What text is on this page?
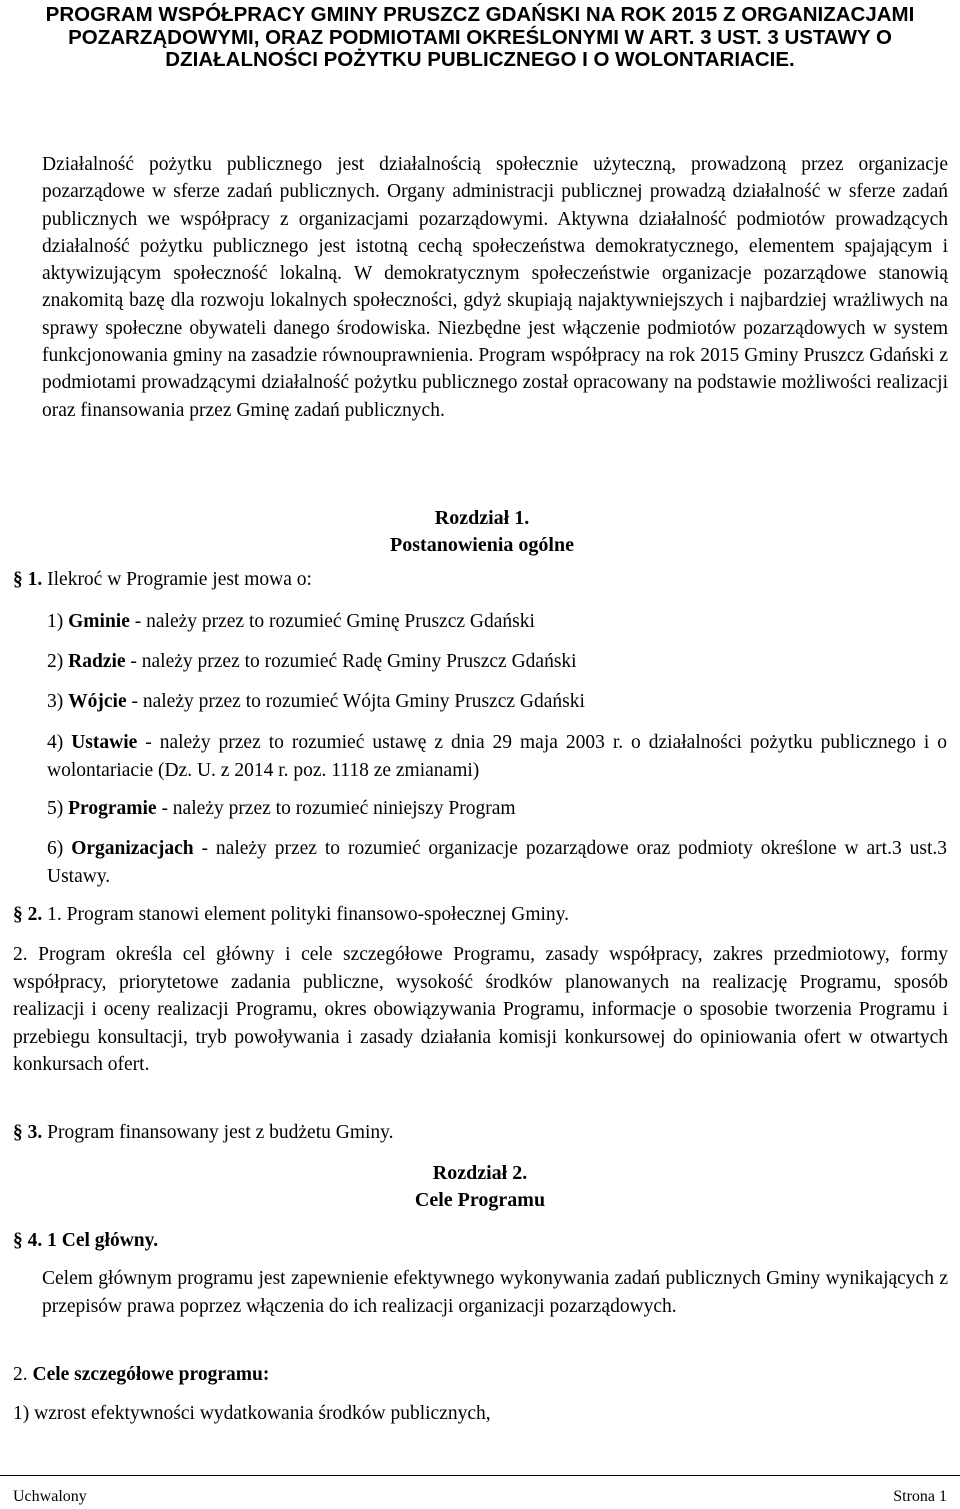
PROGRAM WSPÓŁPRACY GMINY PRUSZCZ GDAŃSKI NA ROK 2015 Z ORGANIZACJAMI POZARZĄDOWYMI, ORAZ PODMIOTAMI OKREŚLONYMI W ART. 3 UST. 3 USTAWY O DZIAŁALNOŚCI POŻYTKU PUBLICZNEGO I O WOLONTARIACIE.

Działalność pożytku publicznego jest działalnością społecznie użyteczną, prowadzoną przez organizacje pozarządowe w sferze zadań publicznych. Organy administracji publicznej prowadzą działalność w sferze zadań publicznych we współpracy z organizacjami pozarządowymi. Aktywna działalność podmiotów prowadzących działalność pożytku publicznego jest istotną cechą społeczeństwa demokratycznego, elementem spajającym i aktywizującym społeczność lokalną. W demokratycznym społeczeństwie organizacje pozarządowe stanowią znakomitą bazę dla rozwoju lokalnych społeczności, gdyż skupiają najaktywniejszych i najbardziej wrażliwych na sprawy społeczne obywateli danego środowiska. Niezbędne jest włączenie podmiotów pozarządowych w system funkcjonowania gminy na zasadzie równouprawnienia. Program współpracy na rok 2015 Gminy Pruszcz Gdański z podmiotami prowadzącymi działalność pożytku publicznego został opracowany na podstawie możliwości realizacji oraz finansowania przez Gminę zadań publicznych.

Rozdział 1.
Postanowienia ogólne

§ 1. Ilekroć w Programie jest mowa o:

1) Gminie - należy przez to rozumieć Gminę Pruszcz Gdański

2) Radzie - należy przez to rozumieć Radę Gminy Pruszcz Gdański

3) Wójcie - należy przez to rozumieć Wójta Gminy Pruszcz Gdański

4) Ustawie - należy przez to rozumieć ustawę z dnia 29 maja 2003 r. o działalności pożytku publicznego i o wolontariacie (Dz. U. z 2014 r. poz. 1118 ze zmianami)

5) Programie - należy przez to rozumieć niniejszy Program

6) Organizacjach - należy przez to rozumieć organizacje pozarządowe oraz podmioty określone w art.3 ust.3 Ustawy.

§ 2. 1. Program stanowi element polityki finansowo-społecznej Gminy.

2. Program określa cel główny i cele szczegółowe Programu, zasady współpracy, zakres przedmiotowy, formy współpracy, priorytetowe zadania publiczne, wysokość środków planowanych na realizację Programu, sposób realizacji i oceny realizacji Programu, okres obowiązywania Programu, informacje o sposobie tworzenia Programu i przebiegu konsultacji, tryb powoływania i zasady działania komisji konkursowej do opiniowania ofert w otwartych konkursach ofert.

§ 3. Program finansowany jest z budżetu Gminy.

Rozdział 2.
Cele Programu

§ 4. 1 Cel główny.

Celem głównym programu jest zapewnienie efektywnego wykonywania zadań publicznych Gminy wynikających z przepisów prawa poprzez włączenia do ich realizacji organizacji pozarządowych.

2. Cele szczegółowe programu:

1) wzrost efektywności wydatkowania środków publicznych,

Uchwalony	Strona 1
